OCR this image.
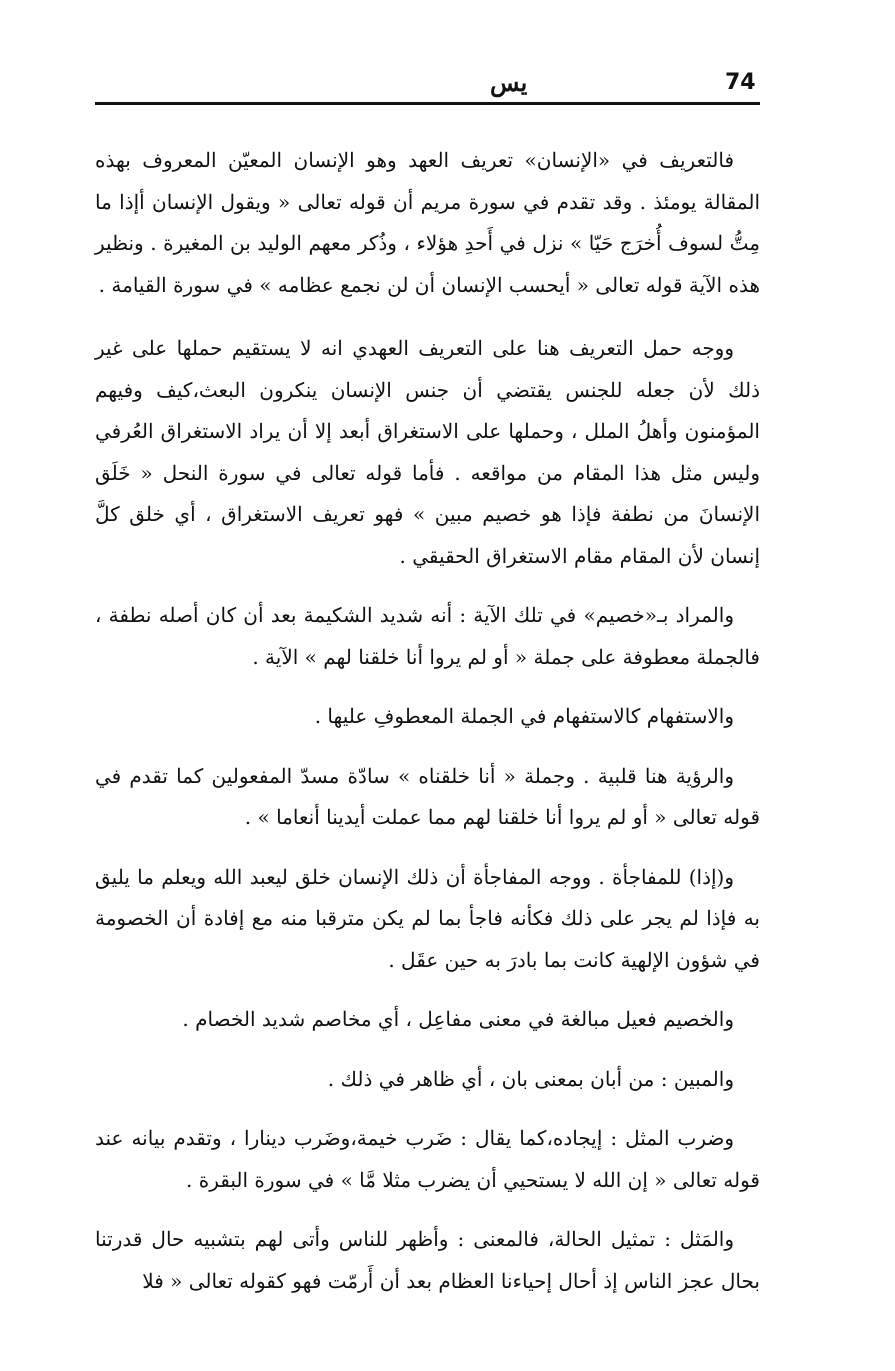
74
يس

فالتعريف في «الإنسان» تعريف العهد وهو الإنسان المعيّن المعروف بهذه المقالة يومئذ . وقد تقدم في سورة مريم أن قوله تعالى « ويقول الإنسان أإذا ما مِتُّ لسوف أُخرَج حَيّا » نزل في أَحدِ هؤلاء ، وذُكر معهم الوليد بن المغيرة . ونظير هذه الآية قوله تعالى « أيحسب الإنسان أن لن نجمع عظامه » في سورة القيامة .

ووجه حمل التعريف هنا على التعريف العهدي انه لا يستقيم حملها على غير ذلك لأن جعله للجنس يقتضي أن جنس الإنسان ينكرون البعث،كيف وفيهم المؤمنون وأهلُ الملل ، وحملها على الاستغراق أبعد إلا أن يراد الاستغراق العُرفي وليس مثل هذا المقام من مواقعه . فأما قوله تعالى في سورة النحل « خَلَق الإنسانَ من نطفة فإذا هو خصيم مبين » فهو تعريف الاستغراق ، أي خلق كلَّ إنسان لأن المقام مقام الاستغراق الحقيقي .

والمراد بـ«خصيم» في تلك الآية : أنه شديد الشكيمة بعد أن كان أصله نطفة ، فالجملة معطوفة على جملة « أو لم يروا أنا خلقنا لهم » الآية .

والاستفهام كالاستفهام في الجملة المعطوفِ عليها .

والرؤية هنا قلبية . وجملة « أنا خلقناه » سادّة مسدّ المفعولين كما تقدم في قوله تعالى « أو لم يروا أنا خلقنا لهم مما عملت أيدينا أنعاما » .

و(إذا) للمفاجأة . ووجه المفاجأة أن ذلك الإنسان خلق ليعبد الله ويعلم ما يليق به فإذا لم يجر على ذلك فكأنه فاجأ بما لم يكن مترقبا منه مع إفادة أن الخصومة في شؤون الإلهية كانت بما بادرَ به حين عقَل .

والخصيم فعيل مبالغة في معنى مفاعِل ، أي مخاصم شديد الخصام .

والمبين : من أبان بمعنى بان ، أي ظاهر في ذلك .

وضرب المثل : إيجاده،كما يقال : ضَرب خيمة،وضَرب دينارا ، وتقدم بيانه عند قوله تعالى « إن الله لا يستحيي أن يضرب مثلا مَّا » في سورة البقرة .

والمَثل : تمثيل الحالة، فالمعنى : وأظهر للناس وأتى لهم بتشبيه حال قدرتنا بحال عجز الناس إذ أحال إحياءنا العظام بعد أن أَرمّت فهو كقوله تعالى « فلا
